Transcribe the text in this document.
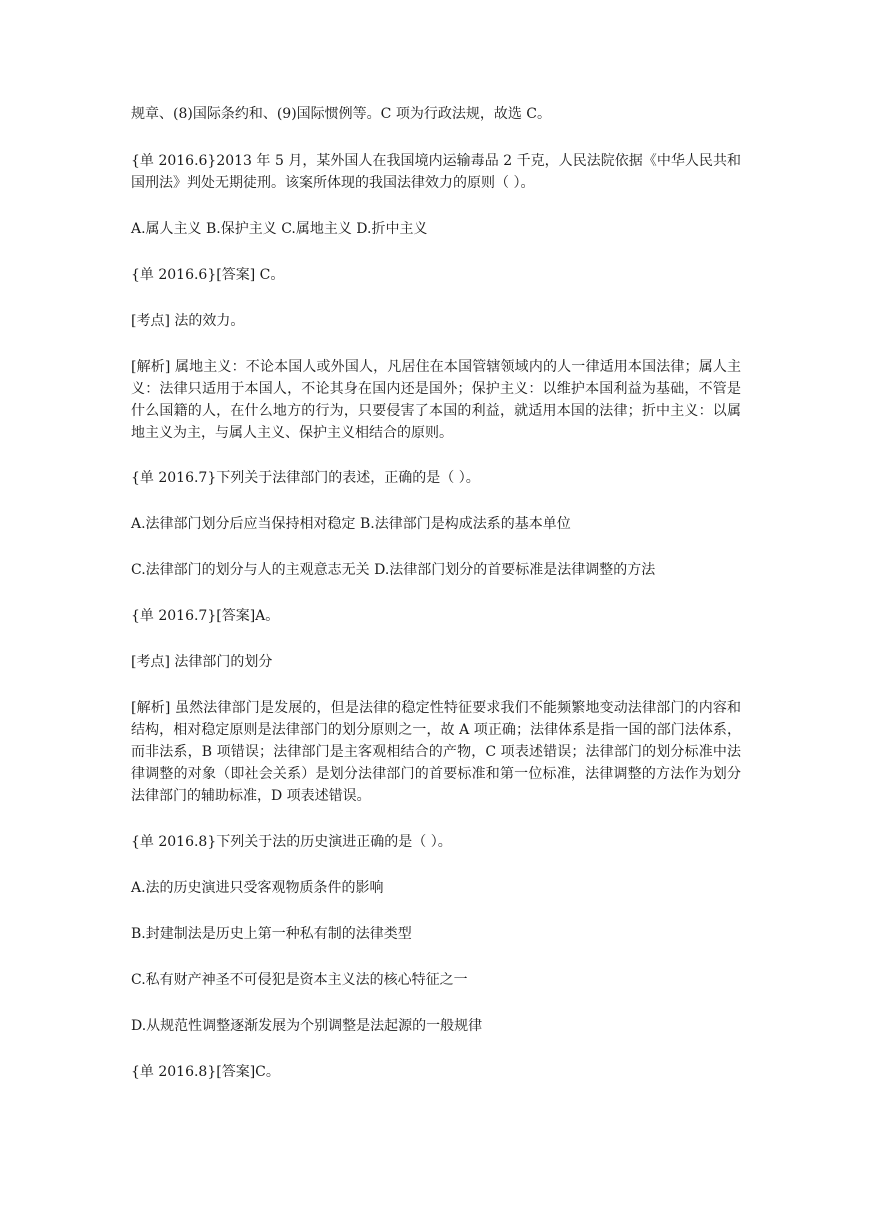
规章、(8)国际条约和、(9)国际惯例等。C 项为行政法规，故选 C。

{单 2016.6}2013 年 5 月，某外国人在我国境内运输毒品 2 千克，人民法院依据《中华人民共和国刑法》判处无期徒刑。该案所体现的我国法律效力的原则（ ）。

A.属人主义 B.保护主义 C.属地主义 D.折中主义

{单 2016.6}[答案] C。

[考点] 法的效力。

[解析] 属地主义：不论本国人或外国人，凡居住在本国管辖领域内的人一律适用本国法律；属人主义：法律只适用于本国人，不论其身在国内还是国外；保护主义：以维护本国利益为基础，不管是什么国籍的人，在什么地方的行为，只要侵害了本国的利益，就适用本国的法律；折中主义：以属地主义为主，与属人主义、保护主义相结合的原则。

{单 2016.7}下列关于法律部门的表述，正确的是（ ）。

A.法律部门划分后应当保持相对稳定 B.法律部门是构成法系的基本单位

C.法律部门的划分与人的主观意志无关 D.法律部门划分的首要标准是法律调整的方法

{单 2016.7}[答案]A。

[考点] 法律部门的划分

[解析] 虽然法律部门是发展的，但是法律的稳定性特征要求我们不能频繁地变动法律部门的内容和结构，相对稳定原则是法律部门的划分原则之一，故 A 项正确；法律体系是指一国的部门法体系，而非法系，B 项错误；法律部门是主客观相结合的产物，C 项表述错误；法律部门的划分标准中法律调整的对象（即社会关系）是划分法律部门的首要标准和第一位标准，法律调整的方法作为划分法律部门的辅助标准，D 项表述错误。

{单 2016.8}下列关于法的历史演进正确的是（ ）。

A.法的历史演进只受客观物质条件的影响

B.封建制法是历史上第一种私有制的法律类型

C.私有财产神圣不可侵犯是资本主义法的核心特征之一

D.从规范性调整逐渐发展为个别调整是法起源的一般规律

{单 2016.8}[答案]C。
